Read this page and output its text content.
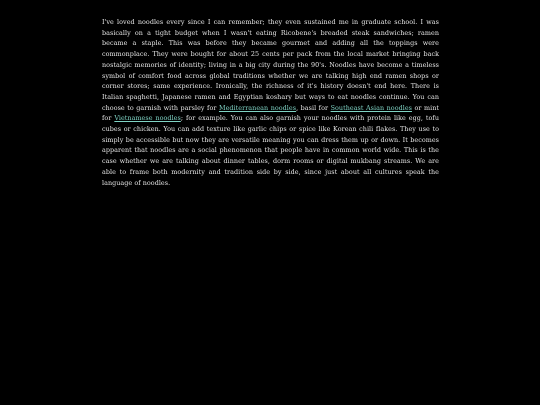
I've loved noodles every since I can remember; they even sustained me in graduate school. I was basically on a tight budget when I wasn't eating Ricobene's breaded steak sandwiches; ramen became a staple. This was before they became gourmet and adding all the toppings were commonplace. They were bought for about 25 cents per pack from the local market bringing back nostalgic memories of identity; living in a big city during the 90's. Noodles have become a timeless symbol of comfort food across global traditions whether we are talking high end ramen shops or corner stores; same experience. Ironically, the richness of it's history doesn't end here. There is Italian spaghetti, Japanese ramen and Egyptian koshary but ways to eat noodles continue. You can choose to garnish with parsley for Mediterranean noodles, basil for Southeast Asian noodles or mint for Vietnamese noodles; for example. You can also garnish your noodles with protein like egg, tofu cubes or chicken. You can add texture like garlic chips or spice like Korean chili flakes. They use to simply be accessible but now they are versatile meaning you can dress them up or down. It becomes apparent that noodles are a social phenomenon that people have in common world wide. This is the case whether we are talking about dinner tables, dorm rooms or digital mukbang streams. We are able to frame both modernity and tradition side by side, since just about all cultures speak the language of noodles.
